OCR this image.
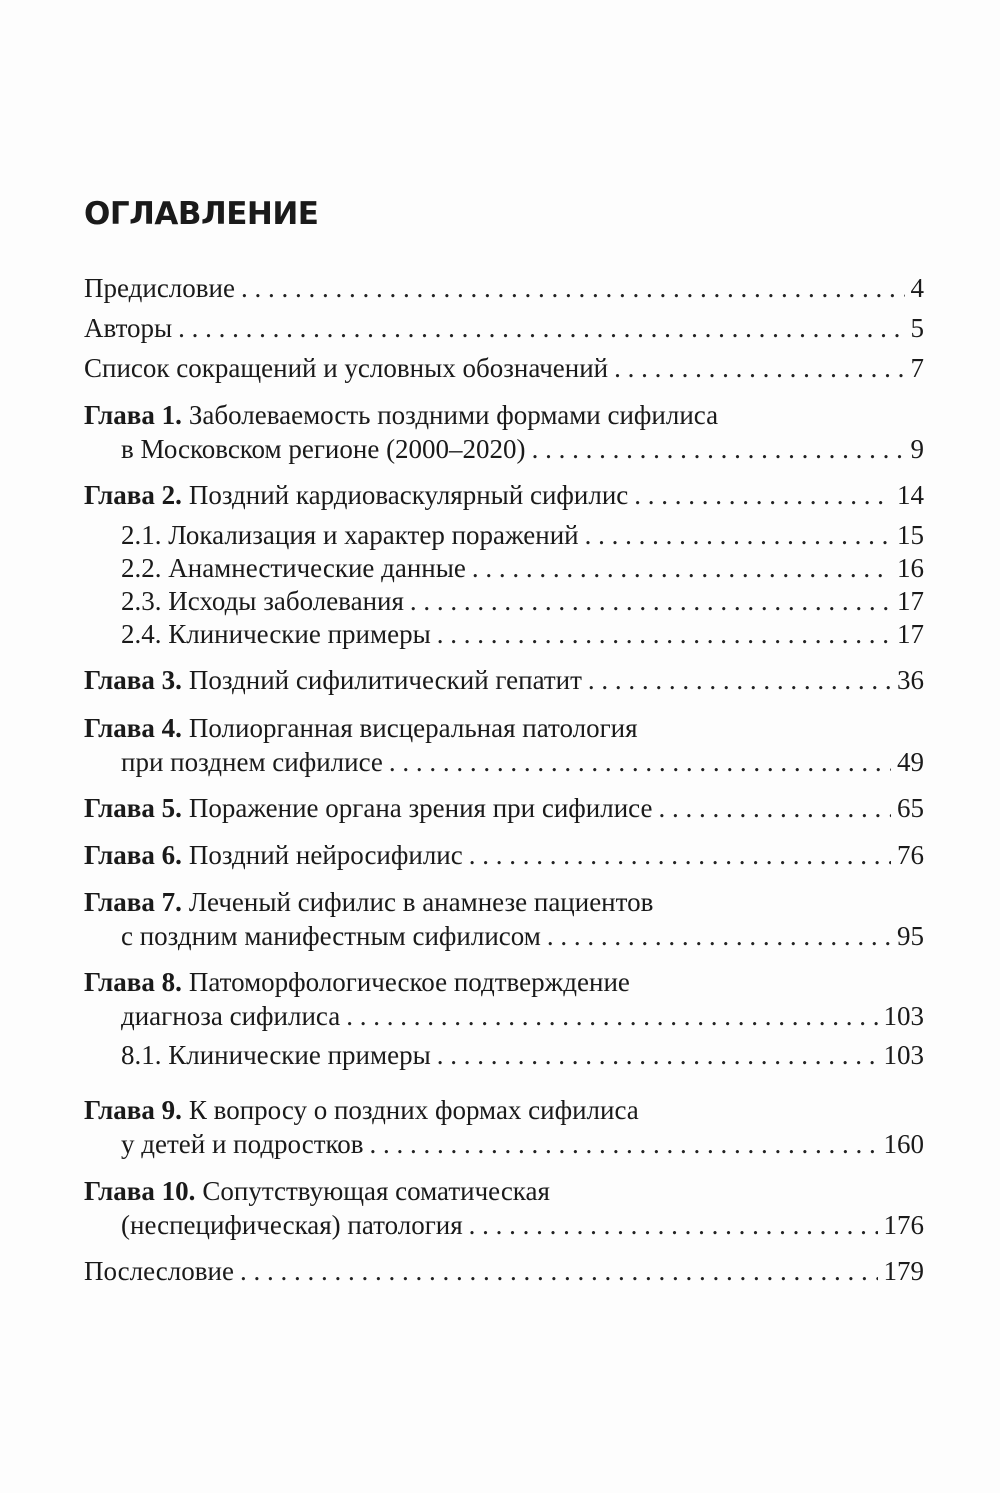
ОГЛАВЛЕНИЕ
Предисловие . . .	4
Авторы . . .	5
Список сокращений и условных обозначений . . .	7
Глава 1. Заболеваемость поздними формами сифилиса
в Московском регионе (2000–2020) . . .	9
Глава 2. Поздний кардиоваскулярный сифилис . . .	14
2.1. Локализация и характер поражений . . .	15
2.2. Анамнестические данные . . .	16
2.3. Исходы заболевания . . .	17
2.4. Клинические примеры . . .	17
Глава 3. Поздний сифилитический гепатит . . .	36
Глава 4. Полиорганная висцеральная патология
при позднем сифилисе . . .	49
Глава 5. Поражение органа зрения при сифилисе . . .	65
Глава 6. Поздний нейросифилис . . .	76
Глава 7. Леченый сифилис в анамнезе пациентов
с поздним манифестным сифилисом . . .	95
Глава 8. Патоморфологическое подтверждение
диагноза сифилиса . . .	103
8.1. Клинические примеры . . .	103
Глава 9. К вопросу о поздних формах сифилиса
у детей и подростков . . .	160
Глава 10. Сопутствующая соматическая
(неспецифическая) патология . . .	176
Послесловие . . .	179
